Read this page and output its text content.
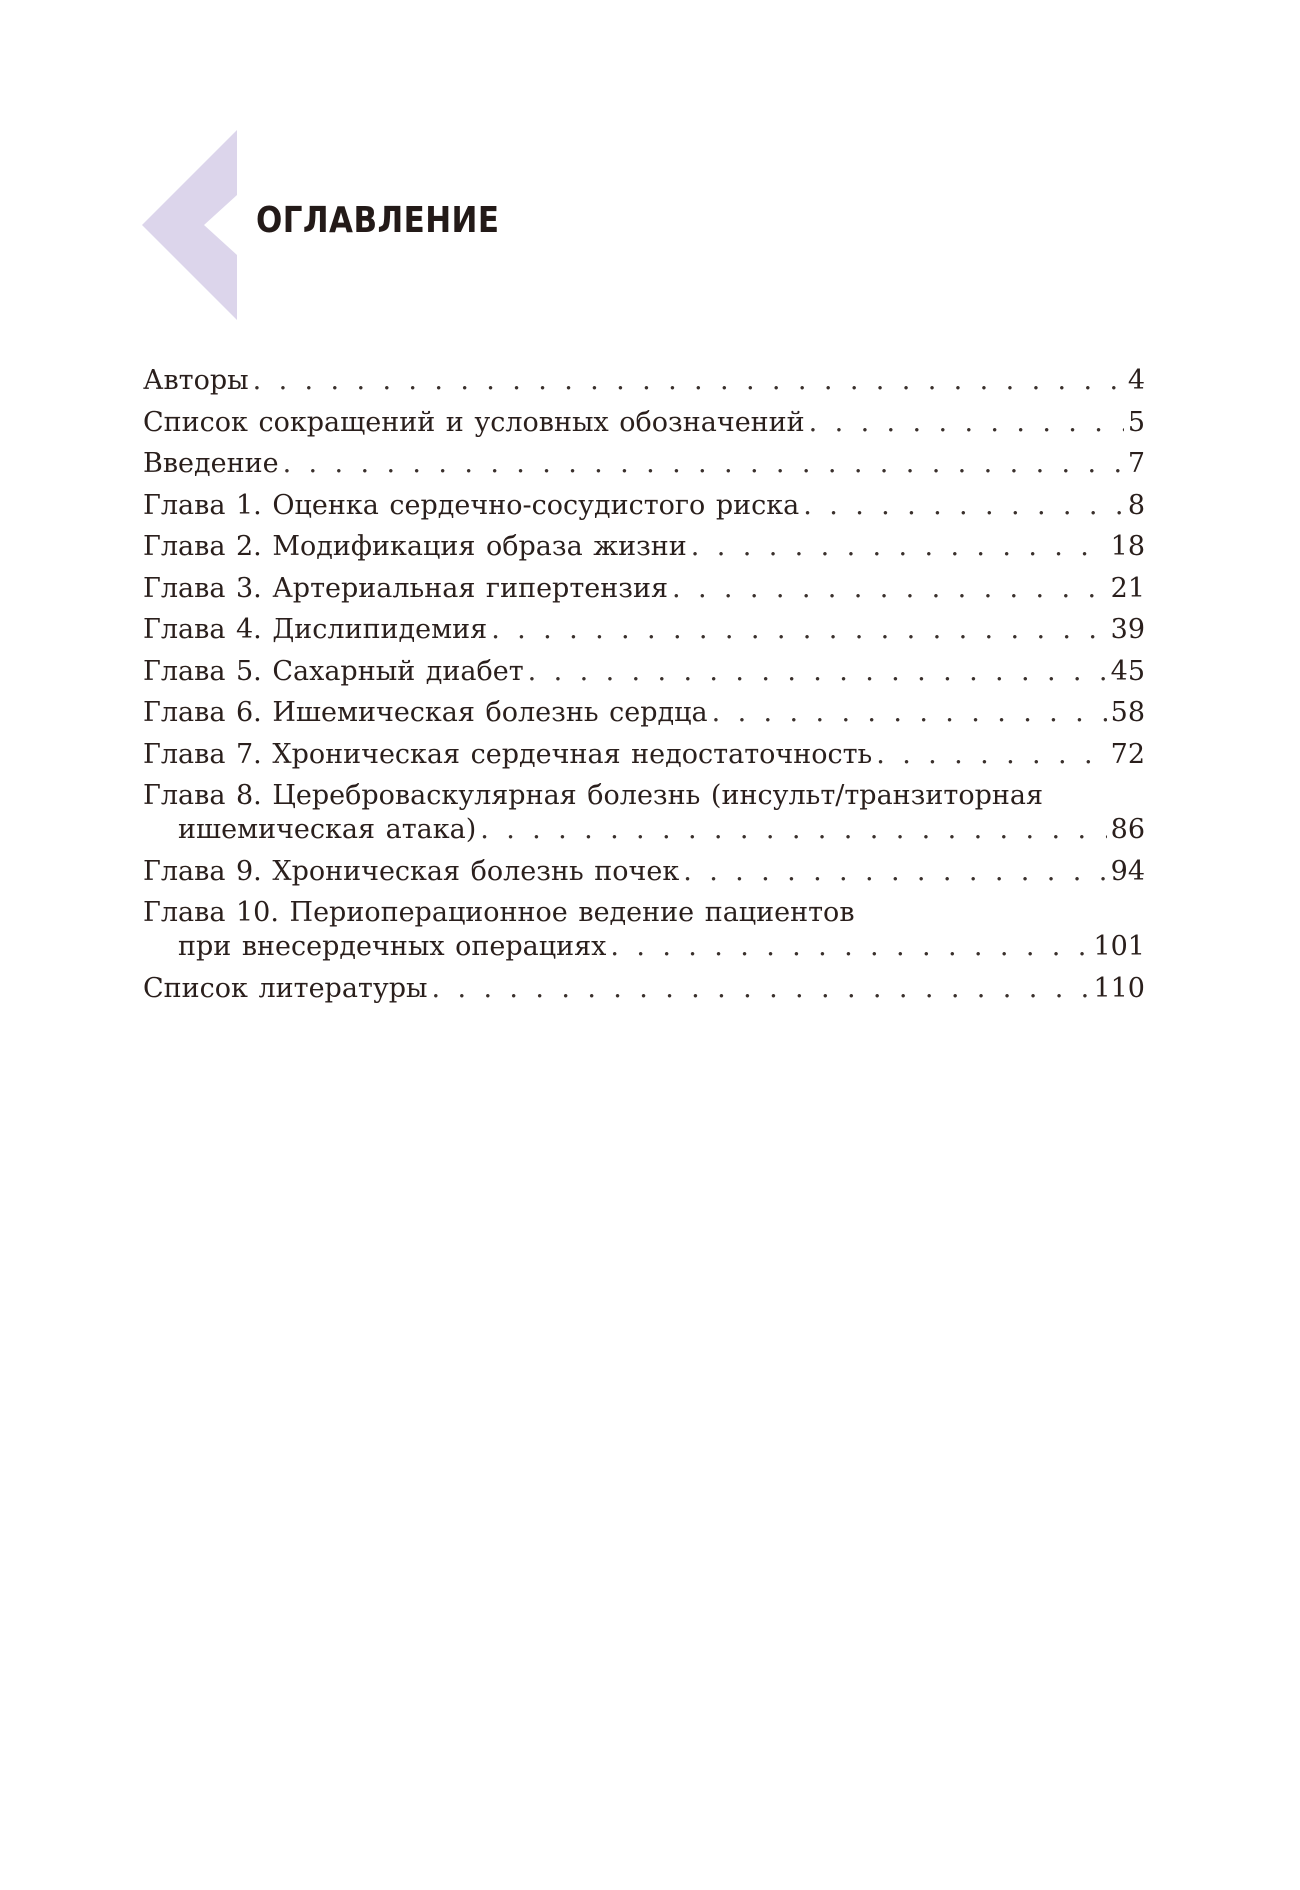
ОГЛАВЛЕНИЕ
Авторы . . .	4
Список сокращений и условных обозначений . . .	5
Введение . . .	7
Глава 1. Оценка сердечно-сосудистого риска . . .	8
Глава 2. Модификация образа жизни . . .	18
Глава 3. Артериальная гипертензия . . .	21
Глава 4. Дислипидемия . . .	39
Глава 5. Сахарный диабет . . .	45
Глава 6. Ишемическая болезнь сердца . . .	58
Глава 7. Хроническая сердечная недостаточность . . .	72
Глава 8. Цереброваскулярная болезнь (инсульт/транзиторная
ишемическая атака) . . .	86
Глава 9. Хроническая болезнь почек . . .	94
Глава 10. Периоперационное ведение пациентов
при внесердечных операциях . . .	101
Список литературы . . .	110
